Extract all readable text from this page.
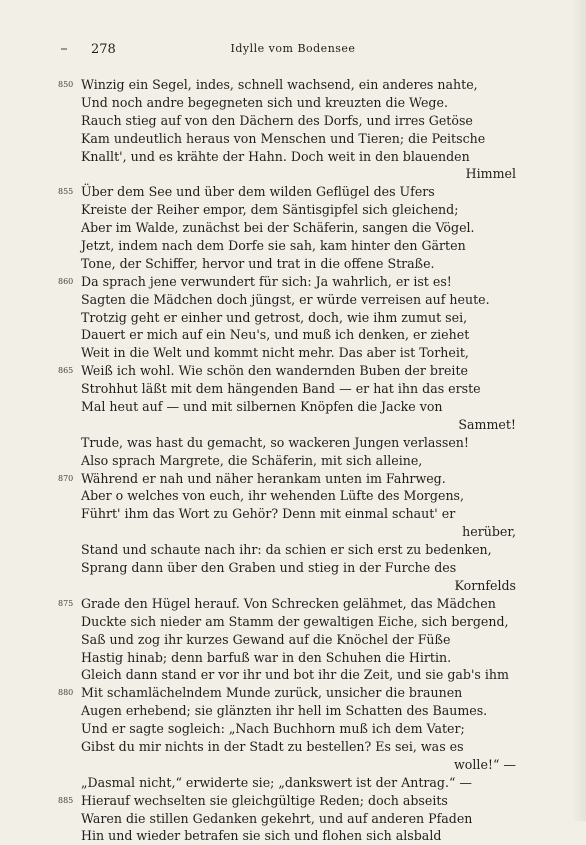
278	Idylle vom Bodensee
850 Winzig ein Segel, indes, schnell wachsend, ein anderes nahte,
Und noch andre begegneten sich und kreuzten die Wege.
Rauch stieg auf von den Dächern des Dorfs, und irres Getöse
Kam undeutlich heraus von Menschen und Tieren; die Peitsche
Knallt', und es krähte der Hahn. Doch weit in den blauenden
Himmel
855 Über dem See und über dem wilden Geflügel des Ufers
Kreiste der Reiher empor, dem Säntisgipfel sich gleichend;
Aber im Walde, zunächst bei der Schäferin, sangen die Vögel.
Jetzt, indem nach dem Dorfe sie sah, kam hinter den Gärten
Tone, der Schiffer, hervor und trat in die offene Straße.
860 Da sprach jene verwundert für sich: Ja wahrlich, er ist es!
Sagten die Mädchen doch jüngst, er würde verreisen auf heute.
Trotzig geht er einher und getrost, doch, wie ihm zumut sei,
Dauert er mich auf ein Neu's, und muß ich denken, er ziehet
Weit in die Welt und kommt nicht mehr. Das aber ist Torheit,
865 Weiß ich wohl. Wie schön den wandernden Buben der breite
Strohhut läßt mit dem hängenden Band — er hat ihn das erste
Mal heut auf — und mit silbernen Knöpfen die Jacke von
Sammet!
Trude, was hast du gemacht, so wackeren Jungen verlassen!
Also sprach Margrete, die Schäferin, mit sich alleine,
870 Während er nah und näher herankam unten im Fahrweg.
Aber o welches von euch, ihr wehenden Lüfte des Morgens,
Führt' ihm das Wort zu Gehör? Denn mit einmal schaut' er
herüber,
Stand und schaute nach ihr: da schien er sich erst zu bedenken,
Sprang dann über den Graben und stieg in der Furche des
Kornfelds
875 Grade den Hügel herauf. Von Schrecken gelähmet, das Mädchen
Duckte sich nieder am Stamm der gewaltigen Eiche, sich bergend,
Saß und zog ihr kurzes Gewand auf die Knöchel der Füße
Hastig hinab; denn barfuß war in den Schuhen die Hirtin.
Gleich dann stand er vor ihr und bot ihr die Zeit, und sie gab's ihm
880 Mit schamlächelndem Munde zurück, unsicher die braunen
Augen erhebend; sie glänzten ihr hell im Schatten des Baumes.
Und er sagte sogleich: „Nach Buchhorn muß ich dem Vater;
Gibst du mir nichts in der Stadt zu bestellen? Es sei, was es
wolle!“ —
„Dasmal nicht,“ erwiderte sie; „dankswert ist der Antrag.“ —
885 Hierauf wechselten sie gleichgültige Reden; doch abseits
Waren die stillen Gedanken gekehrt, und auf anderen Pfaden
Hin und wieder betrafen sie sich und flohen sich alsbald
